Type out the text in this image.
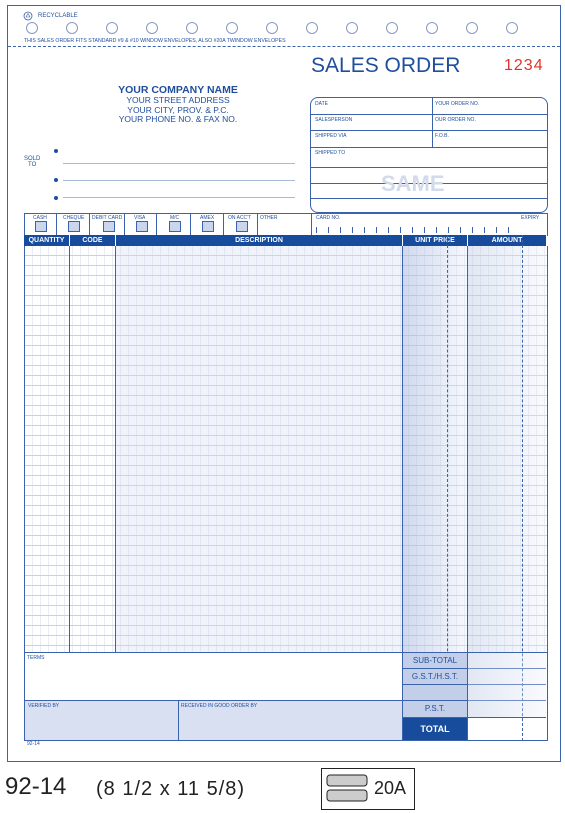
RECYCLABLE
THIS SALES ORDER FITS STANDARD #9 & #10 WINDOW ENVELOPES, ALSO #20A TWINDOW ENVELOPES
SALES ORDER	1234
YOUR COMPANY NAME
YOUR STREET ADDRESS
YOUR CITY, PROV. & P.C.
YOUR PHONE NO. & FAX NO.
SOLD
TO
DATE	YOUR ORDER NO.
SALESPERSON	OUR ORDER NO.
SHIPPED VIA	F.O.B.
SHIPPED TO
SAME
CASH	CHEQUE DEBIT CARD VISA	M/C	AMEX	ON ACC'T OTHER	CARD NO.	EXPIRY
QUANTITY	CODE	DESCRIPTION	UNIT PRICE	AMOUNT
TERMS	SUB-TOTAL
G.S.T./H.S.T.
P.S.T.
TOTAL
VERIFIED BY	RECEIVED IN GOOD ORDER BY
92-14
92-14 (8 1/2 x 11 5/8)	20A
